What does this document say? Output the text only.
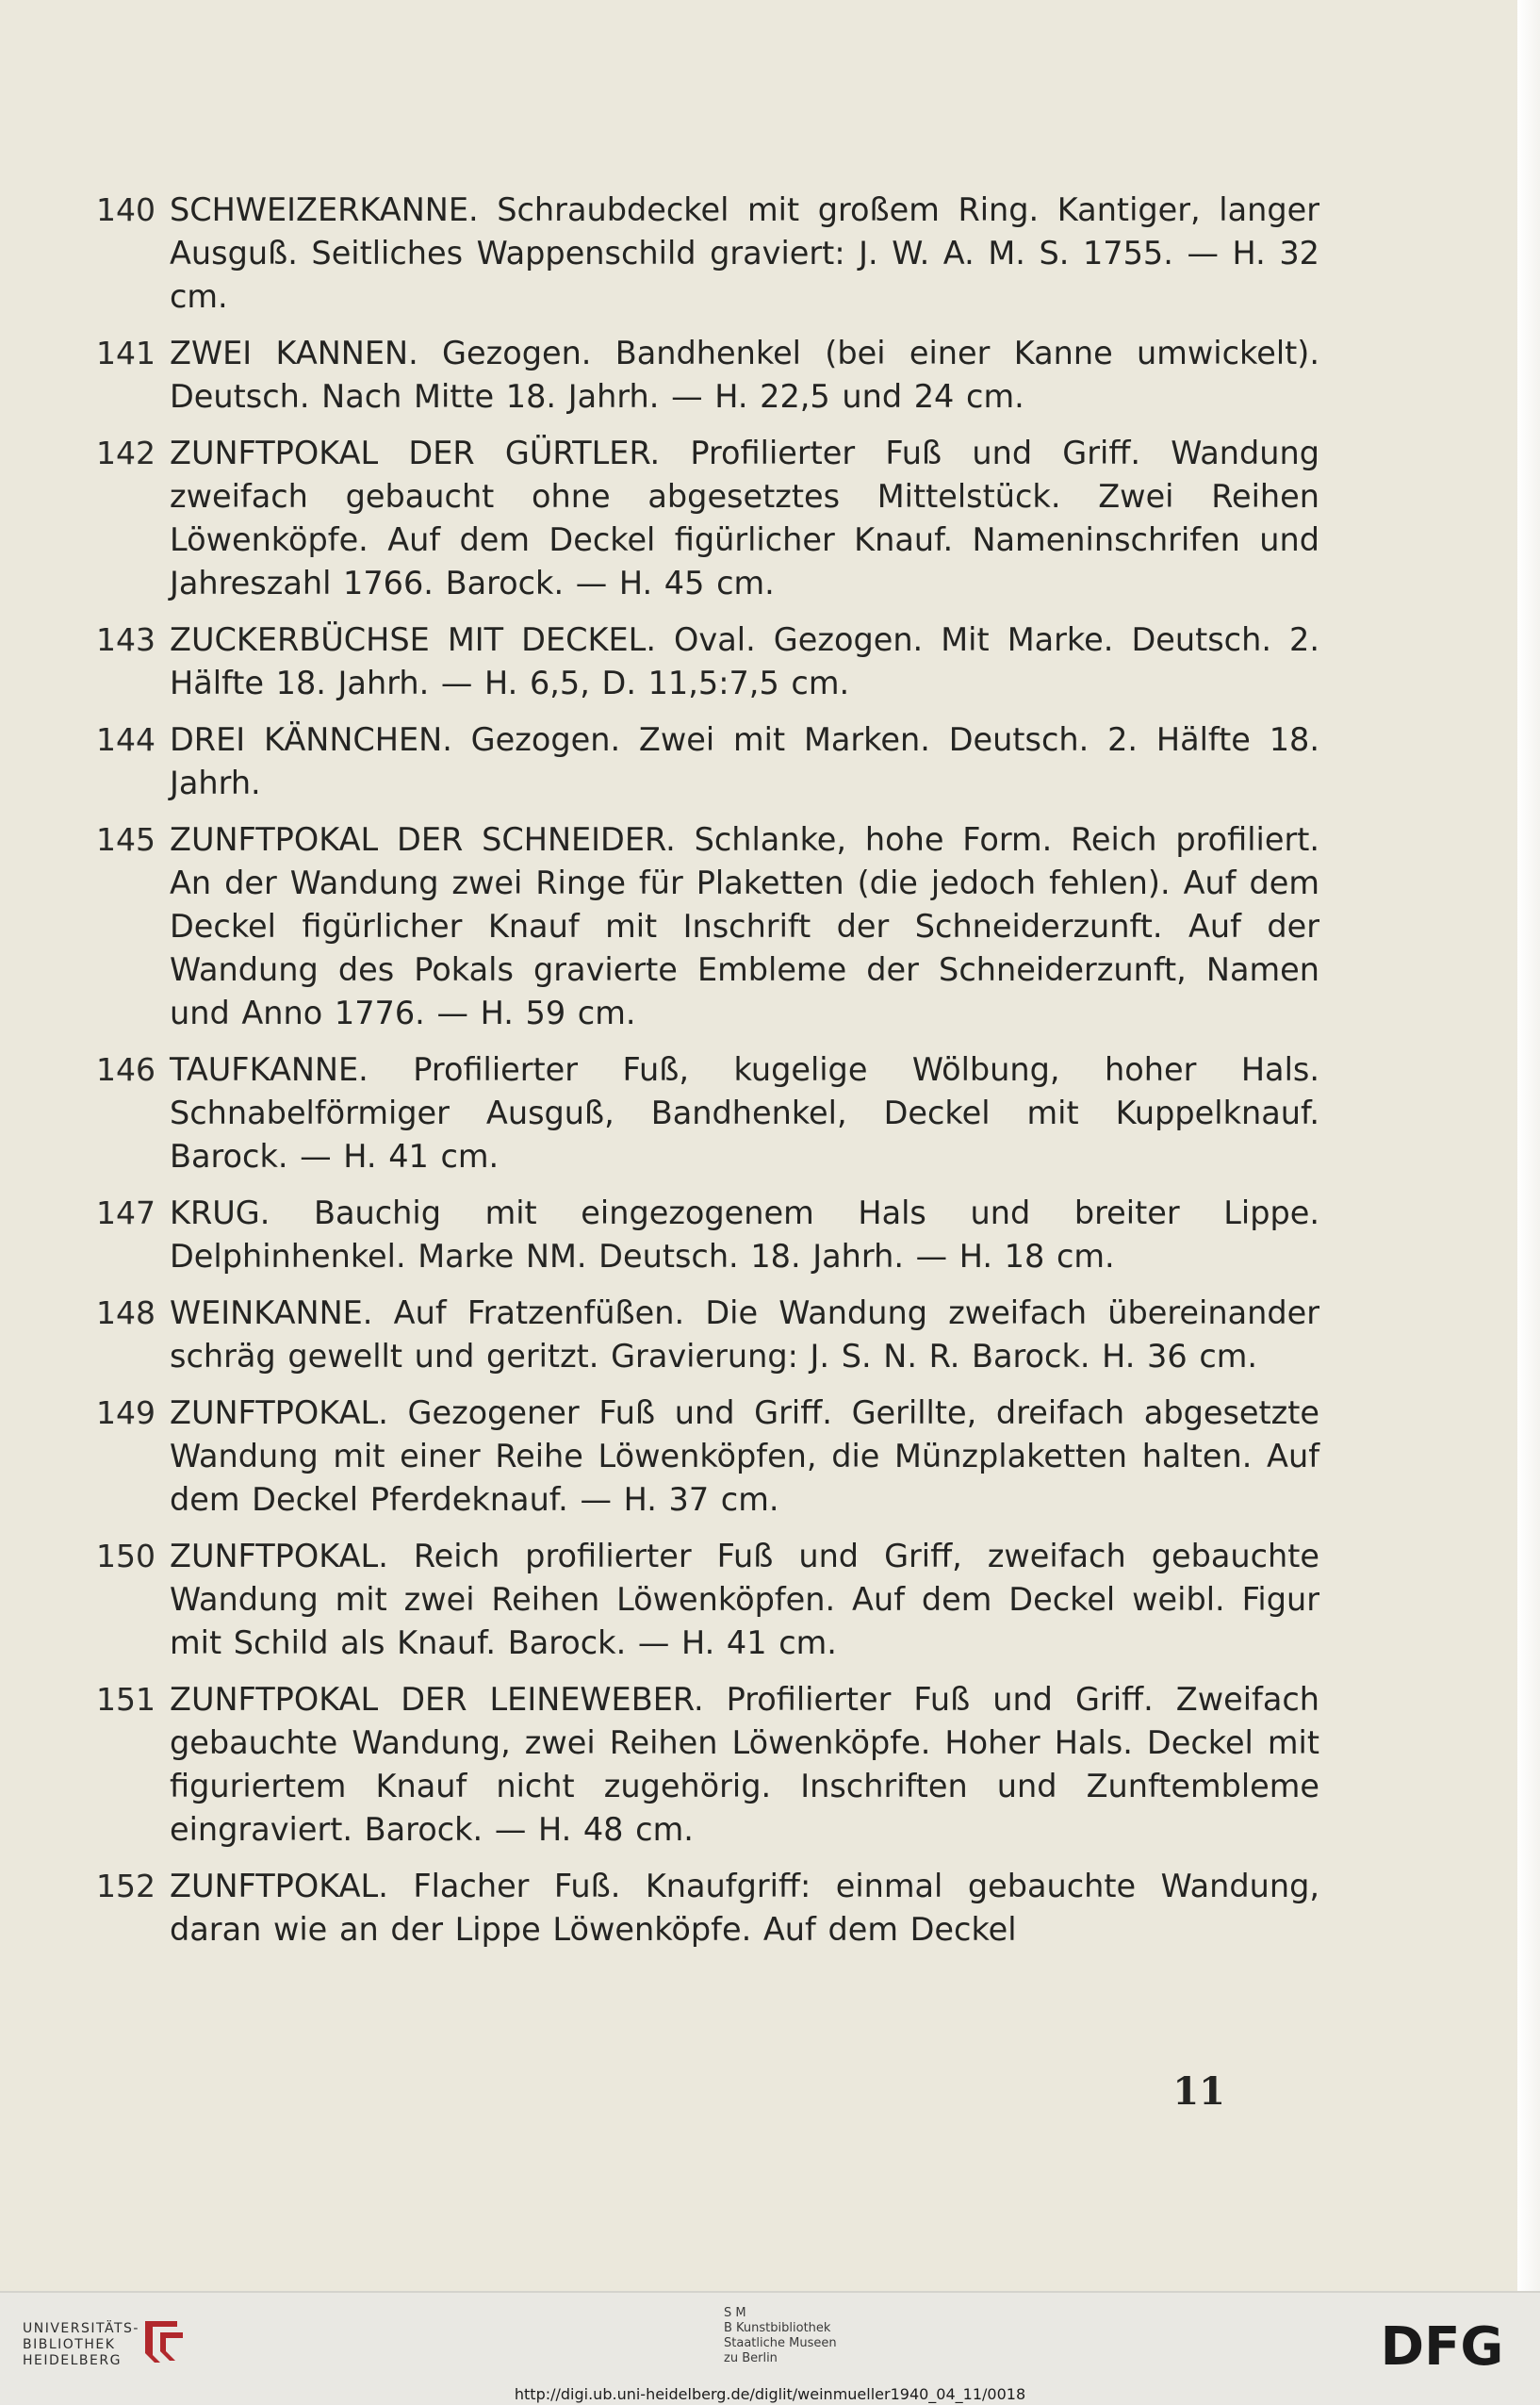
140 SCHWEIZERKANNE. Schraubdeckel mit großem Ring. Kantiger, langer Ausguß. Seitliches Wappenschild graviert: J. W. A. M. S. 1755. — H. 32 cm.
141 ZWEI KANNEN. Gezogen. Bandhenkel (bei einer Kanne umwickelt). Deutsch. Nach Mitte 18. Jahrh. — H. 22,5 und 24 cm.
142 ZUNFTPOKAL DER GÜRTLER. Profilierter Fuß und Griff. Wandung zweifach gebaucht ohne abgesetztes Mittelstück. Zwei Reihen Löwenköpfe. Auf dem Deckel figürlicher Knauf. Nameninschrifen und Jahreszahl 1766. Barock. — H. 45 cm.
143 ZUCKERBÜCHSE MIT DECKEL. Oval. Gezogen. Mit Marke. Deutsch. 2. Hälfte 18. Jahrh. — H. 6,5, D. 11,5:7,5 cm.
144 DREI KÄNNCHEN. Gezogen. Zwei mit Marken. Deutsch. 2. Hälfte 18. Jahrh.
145 ZUNFTPOKAL DER SCHNEIDER. Schlanke, hohe Form. Reich profiliert. An der Wandung zwei Ringe für Plaketten (die jedoch fehlen). Auf dem Deckel figürlicher Knauf mit Inschrift der Schneiderzunft. Auf der Wandung des Pokals gravierte Embleme der Schneiderzunft, Namen und Anno 1776. — H. 59 cm.
146 TAUFKANNE. Profilierter Fuß, kugelige Wölbung, hoher Hals. Schnabelförmiger Ausguß, Bandhenkel, Deckel mit Kuppelknauf. Barock. — H. 41 cm.
147 KRUG. Bauchig mit eingezogenem Hals und breiter Lippe. Delphinhenkel. Marke NM. Deutsch. 18. Jahrh. — H. 18 cm.
148 WEINKANNE. Auf Fratzenfüßen. Die Wandung zweifach übereinander schräg gewellt und geritzt. Gravierung: J. S. N. R. Barock. H. 36 cm.
149 ZUNFTPOKAL. Gezogener Fuß und Griff. Gerillte, dreifach abgesetzte Wandung mit einer Reihe Löwenköpfen, die Münzplaketten halten. Auf dem Deckel Pferdeknauf. — H. 37 cm.
150 ZUNFTPOKAL. Reich profilierter Fuß und Griff, zweifach gebauchte Wandung mit zwei Reihen Löwenköpfen. Auf dem Deckel weibl. Figur mit Schild als Knauf. Barock. — H. 41 cm.
151 ZUNFTPOKAL DER LEINEWEBER. Profilierter Fuß und Griff. Zweifach gebauchte Wandung, zwei Reihen Löwenköpfe. Hoher Hals. Deckel mit figuriertem Knauf nicht zugehörig. Inschriften und Zunftembleme eingraviert. Barock. — H. 48 cm.
152 ZUNFTPOKAL. Flacher Fuß. Knaufgriff: einmal gebauchte Wandung, daran wie an der Lippe Löwenköpfe. Auf dem Deckel
11
UNIVERSITÄTS-
BIBLIOTHEK
HEIDELBERG
S M
B Kunstbibliothek
Staatliche Museen
zu Berlin	DFG
http://digi.ub.uni-heidelberg.de/diglit/weinmueller1940_04_11/0018
